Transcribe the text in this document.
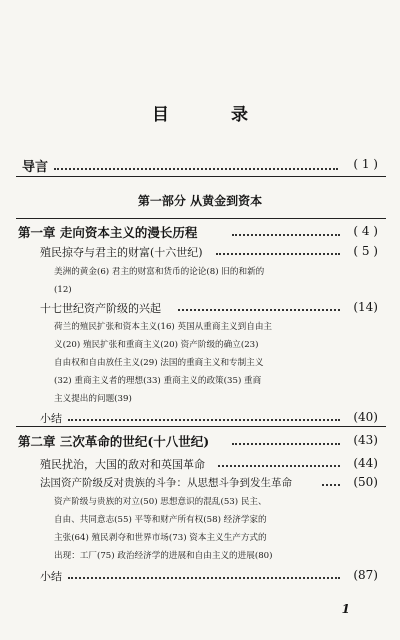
目 录
导言	( 1 )
第一部分 从黄金到资本
第一章 走向资本主义的漫长历程	( 4 )
殖民掠夺与君主的财富(十六世纪)	( 5 )
美洲的黄金(6) 君主的财富和货币的论论(8) 旧的和新的
(12)
十七世纪资产阶级的兴起	(14)
荷兰的殖民扩张和资本主义(16) 英国从重商主义到自由主
义(20) 殖民扩张和重商主义(20) 资产阶级的确立(23)
自由权和自由放任主义(29) 法国的重商主义和专制主义
(32) 重商主义者的理想(33) 重商主义的政策(35) 重商
主义提出的问题(39)
小结	(40)
第二章 三次革命的世纪(十八世纪)	(43)
殖民扰治，大国的敌对和英国革命	(44)
法国资产阶级反对贵族的斗争：从思想斗争到发生革命	(50)
资产阶级与贵族的对立(50) 思想意识的混乱(53) 民主、
自由、共同意志(55) 平等和财产所有权(58) 经济学家的
主张(64) 殖民剥夺和世界市场(73) 资本主义生产方式的
出现：工厂(75) 政治经济学的进展和自由主义的进展(80)
小结	(87)
1
